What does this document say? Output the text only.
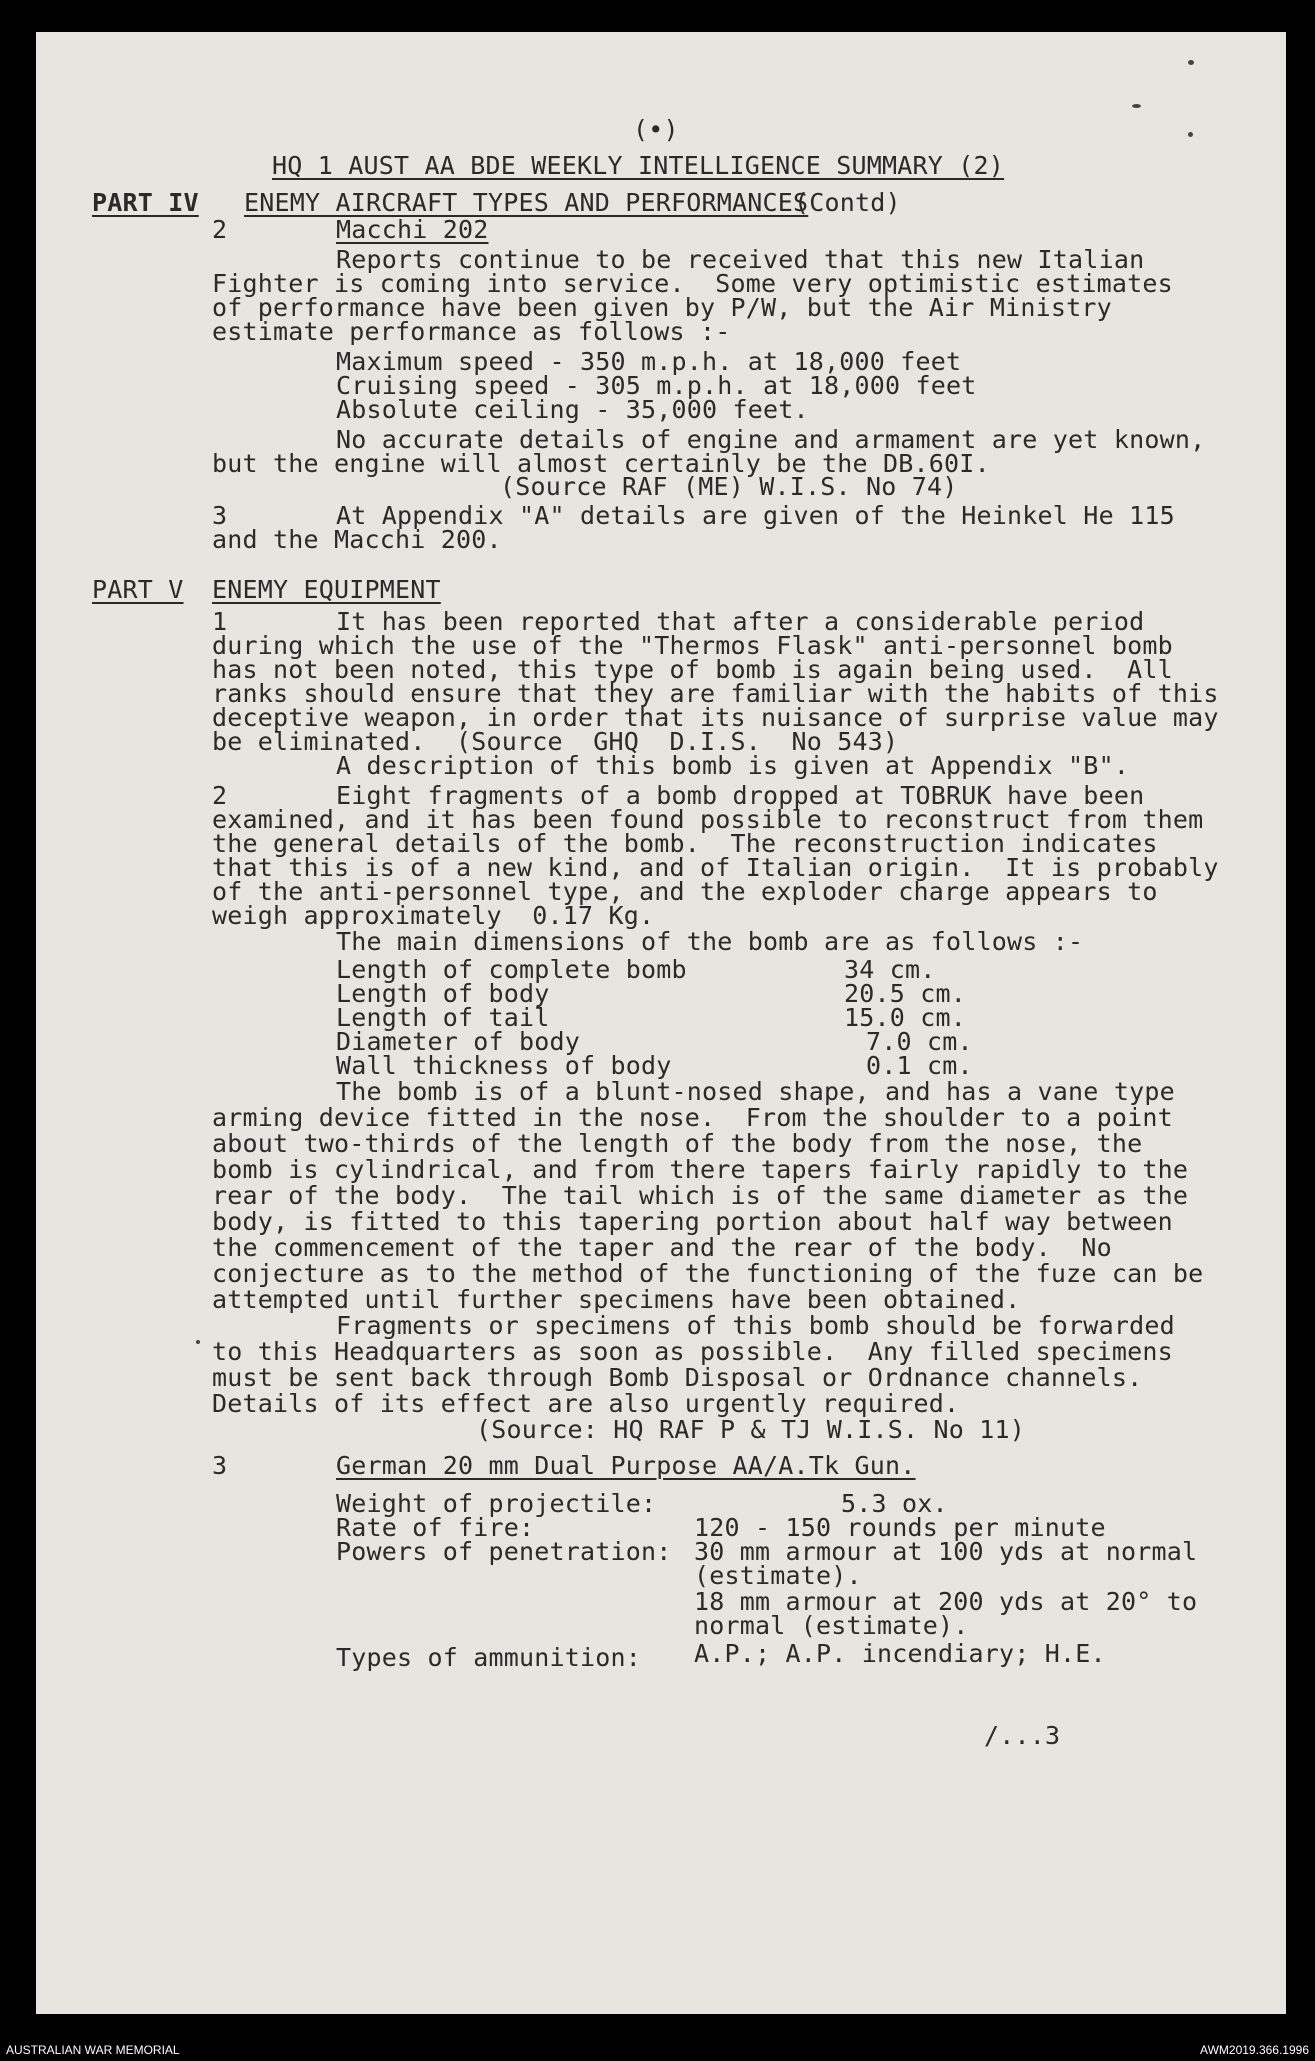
(•)
HQ 1 AUST AA BDE WEEKLY INTELLIGENCE SUMMARY (2)
PART IV ENEMY AIRCRAFT TYPES AND PERFORMANCES
(Contd)
2	Macchi 202
Reports continue to be received that this new Italian
Fighter is coming into service.  Some very optimistic estimates
of performance have been given by P/W, but the Air Ministry
estimate performance as follows :-
Maximum speed - 350 m.p.h. at 18,000 feet
Cruising speed - 305 m.p.h. at 18,000 feet
Absolute ceiling - 35,000 feet.
No accurate details of engine and armament are yet known,
but the engine will almost certainly be the DB.60I.
(Source RAF (ME) W.I.S. No 74)
3	At Appendix "A" details are given of the Heinkel He 115
and the Macchi 200.
PART V ENEMY EQUIPMENT
1	It has been reported that after a considerable period
during which the use of the "Thermos Flask" anti-personnel bomb
has not been noted, this type of bomb is again being used.  All
ranks should ensure that they are familiar with the habits of this
deceptive weapon, in order that its nuisance of surprise value may
be eliminated.  (Source  GHQ  D.I.S.  No 543)
A description of this bomb is given at Appendix "B".
2	Eight fragments of a bomb dropped at TOBRUK have been
examined, and it has been found possible to reconstruct from them
the general details of the bomb.  The reconstruction indicates
that this is of a new kind, and of Italian origin.  It is probably
of the anti-personnel type, and the exploder charge appears to
weigh approximately  0.17 Kg.
The main dimensions of the bomb are as follows :-
Length of complete bomb	34 cm.
Length of body	20.5 cm.
Length of tail	15.0 cm.
Diameter of body	7.0 cm.
Wall thickness of body	0.1 cm.
The bomb is of a blunt-nosed shape, and has a vane type
arming device fitted in the nose.  From the shoulder to a point
about two-thirds of the length of the body from the nose, the
bomb is cylindrical, and from there tapers fairly rapidly to the
rear of the body.  The tail which is of the same diameter as the
body, is fitted to this tapering portion about half way between
the commencement of the taper and the rear of the body.  No
conjecture as to the method of the functioning of the fuze can be
attempted until further specimens have been obtained.
Fragments or specimens of this bomb should be forwarded
to this Headquarters as soon as possible.  Any filled specimens
must be sent back through Bomb Disposal or Ordnance channels.
Details of its effect are also urgently required.
(Source: HQ RAF P & TJ W.I.S. No 11)
3	German 20 mm Dual Purpose AA/A.Tk Gun.
Weight of projectile:	5.3 ox.
Rate of fire:	120 - 150 rounds per minute
Powers of penetration: 30 mm armour at 100 yds at normal
(estimate).
18 mm armour at 200 yds at 20° to
normal (estimate).
Types of ammunition: A.P.; A.P. incendiary; H.E.
/...3
AUSTRALIAN WAR MEMORIAL	AWM2019.366.1996
